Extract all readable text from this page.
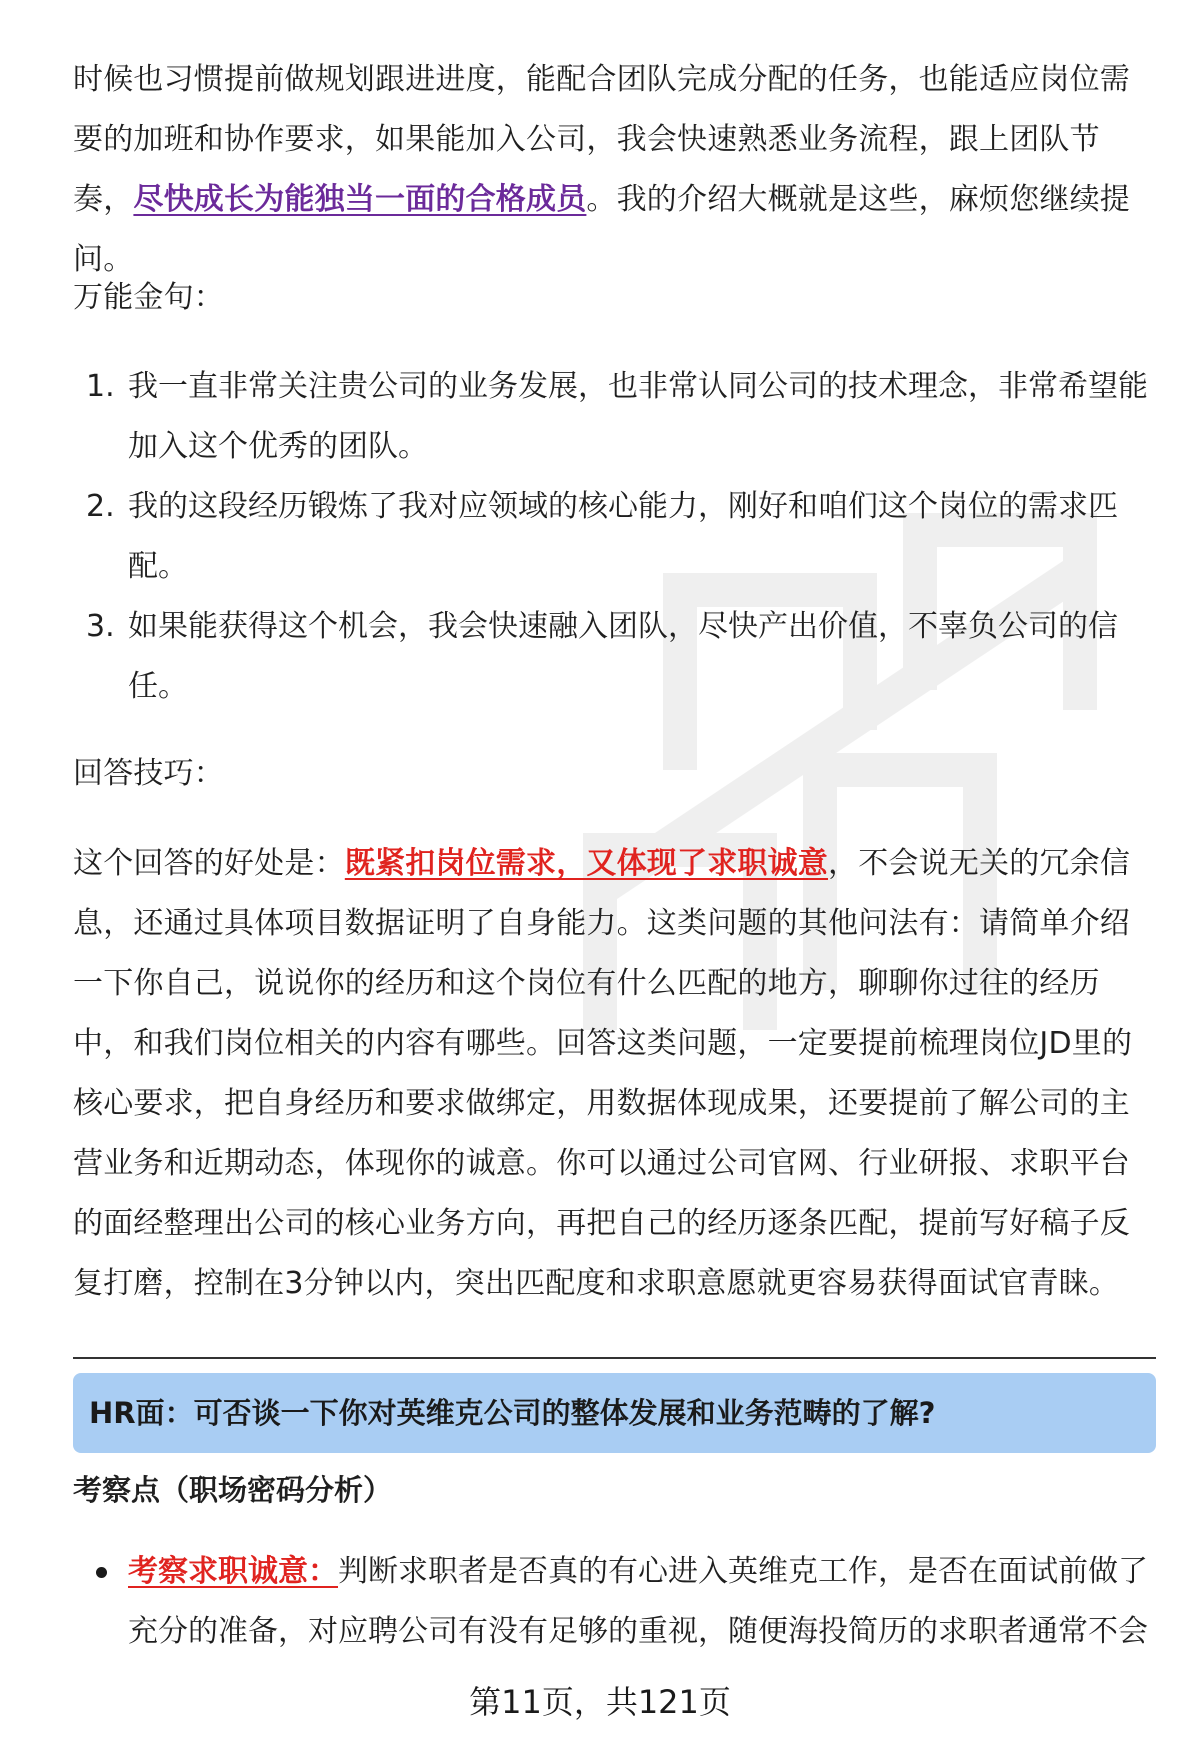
时候也习惯提前做规划跟进进度，能配合团队完成分配的任务，也能适应岗位需要的加班和协作要求，如果能加入公司，我会快速熟悉业务流程，跟上团队节奏，尽快成长为能独当一面的合格成员。我的介绍大概就是这些，麻烦您继续提问。

万能金句：

1. 我一直非常关注贵公司的业务发展，也非常认同公司的技术理念，非常希望能加入这个优秀的团队。
2. 我的这段经历锻炼了我对应领域的核心能力，刚好和咱们这个岗位的需求匹配。
3. 如果能获得这个机会，我会快速融入团队，尽快产出价值，不辜负公司的信任。

回答技巧：

这个回答的好处是：既紧扣岗位需求，又体现了求职诚意，不会说无关的冗余信息，还通过具体项目数据证明了自身能力。这类问题的其他问法有：请简单介绍一下你自己，说说你的经历和这个岗位有什么匹配的地方，聊聊你过往的经历中，和我们岗位相关的内容有哪些。回答这类问题，一定要提前梳理岗位JD里的核心要求，把自身经历和要求做绑定，用数据体现成果，还要提前了解公司的主营业务和近期动态，体现你的诚意。你可以通过公司官网、行业研报、求职平台的面经整理出公司的核心业务方向，再把自己的经历逐条匹配，提前写好稿子反复打磨，控制在3分钟以内，突出匹配度和求职意愿就更容易获得面试官青睐。

HR面：可否谈一下你对英维克公司的整体发展和业务范畴的了解?
考察点（职场密码分析）
考察求职诚意：判断求职者是否真的有心进入英维克工作，是否在面试前做了充分的准备，对应聘公司有没有足够的重视，随便海投简历的求职者通常不会
第11页，共121页
